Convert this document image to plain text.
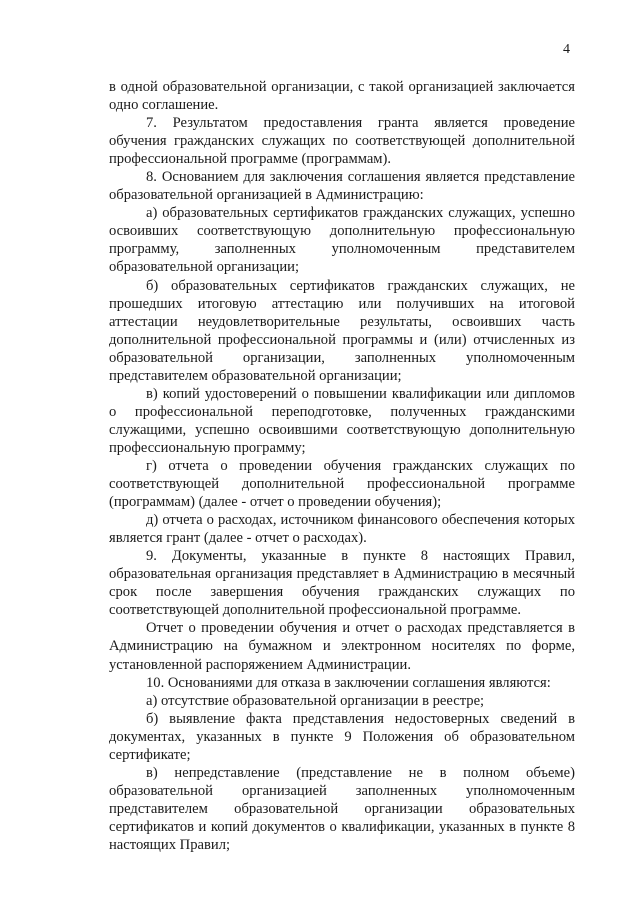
4

в одной образовательной организации, с такой организацией заключается одно соглашение.

7. Результатом предоставления гранта является проведение обучения гражданских служащих по соответствующей дополнительной профессиональной программе (программам).

8. Основанием для заключения соглашения является представление образовательной организацией в Администрацию:

а) образовательных сертификатов гражданских служащих, успешно освоивших соответствующую дополнительную профессиональную программу, заполненных уполномоченным представителем образовательной организации;

б) образовательных сертификатов гражданских служащих, не прошедших итоговую аттестацию или получивших на итоговой аттестации неудовлетворительные результаты, освоивших часть дополнительной профессиональной программы и (или) отчисленных из образовательной организации, заполненных уполномоченным представителем образовательной организации;

в) копий удостоверений о повышении квалификации или дипломов о профессиональной переподготовке, полученных гражданскими служащими, успешно освоившими соответствующую дополнительную профессиональную программу;

г) отчета о проведении обучения гражданских служащих по соответствующей дополнительной профессиональной программе (программам) (далее - отчет о проведении обучения);

д) отчета о расходах, источником финансового обеспечения которых является грант (далее - отчет о расходах).

9. Документы, указанные в пункте 8 настоящих Правил, образовательная организация представляет в Администрацию в месячный срок после завершения обучения гражданских служащих по соответствующей дополнительной профессиональной программе.

Отчет о проведении обучения и отчет о расходах представляется в Администрацию на бумажном и электронном носителях по форме, установленной распоряжением Администрации.

10. Основаниями для отказа в заключении соглашения являются:

а) отсутствие образовательной организации в реестре;

б) выявление факта представления недостоверных сведений в документах, указанных в пункте 9 Положения об образовательном сертификате;

в) непредставление (представление не в полном объеме) образовательной организацией заполненных уполномоченным представителем образовательной организации образовательных сертификатов и копий документов о квалификации, указанных в пункте 8 настоящих Правил;
